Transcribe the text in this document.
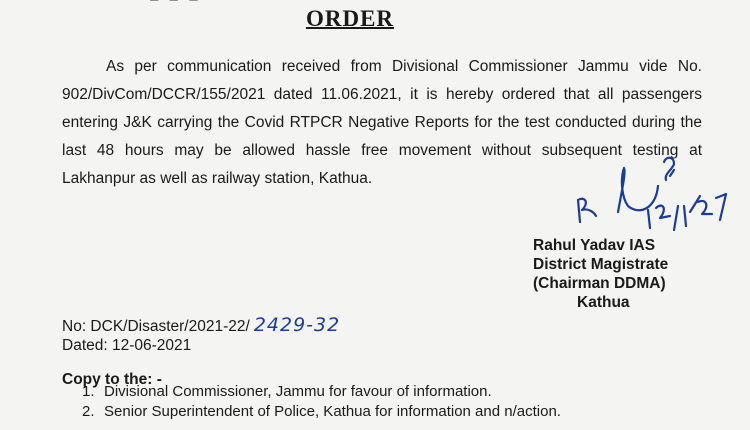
ORDER
As per communication received from Divisional Commissioner Jammu vide No. 902/DivCom/DCCR/155/2021 dated 11.06.2021, it is hereby ordered that all passengers entering J&K carrying the Covid RTPCR Negative Reports for the test conducted during the last 48 hours may be allowed hassle free movement without subsequent testing at Lakhanpur as well as railway station, Kathua.
Rahul Yadav IAS
District Magistrate
(Chairman DDMA)
Kathua
No: DCK/Disaster/2021-22/ 2429-32
Dated: 12-06-2021
Copy to the: -
1. Divisional Commissioner, Jammu for favour of information.
2. Senior Superintendent of Police, Kathua for information and n/action.
